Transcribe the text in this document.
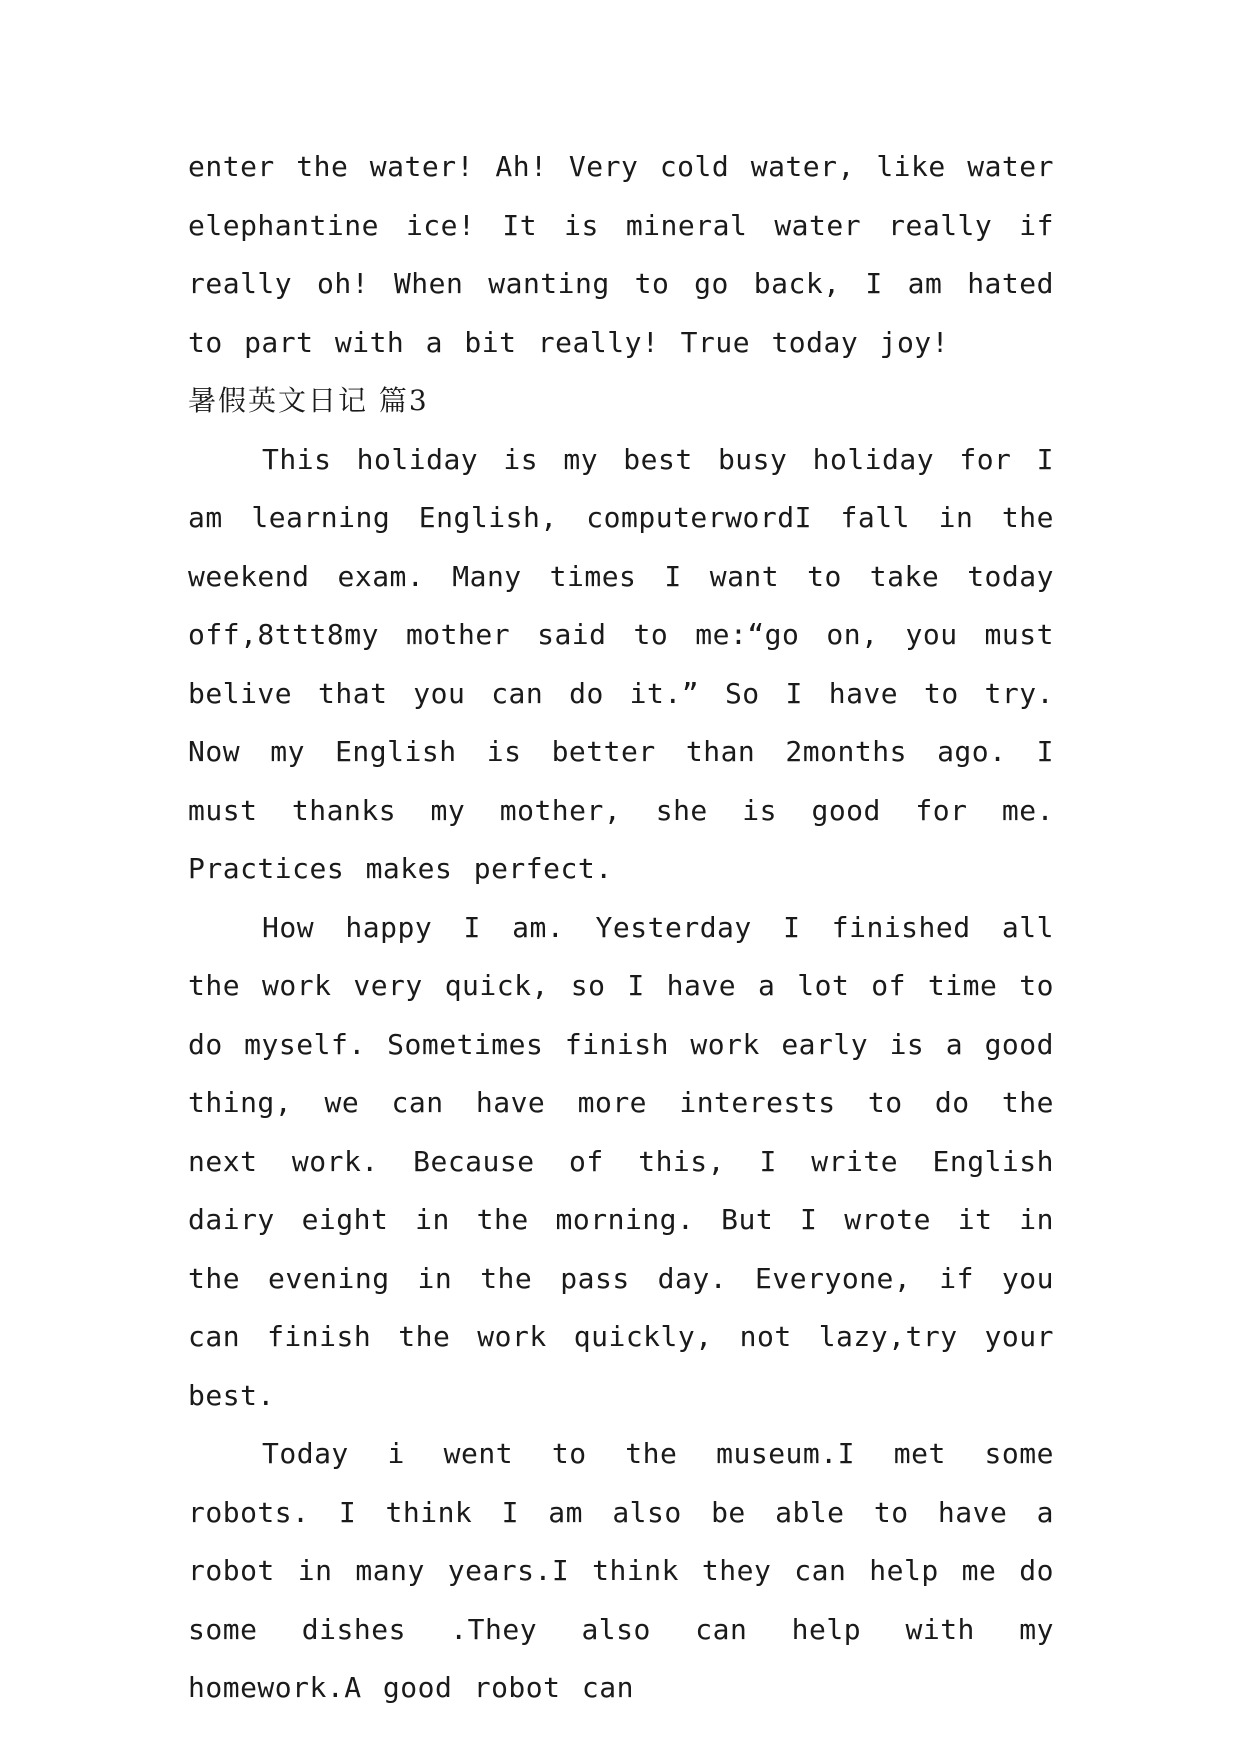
enter the water! Ah! Very cold water, like water elephantine ice! It is mineral water really if really oh! When wanting to go back, I am hated to part with a bit really! True today joy!

暑假英文日记 篇3

This holiday is my best busy holiday for I am learning English, computerwordI fall in the weekend exam. Many times I want to take today off,8ttt8my mother said to me:“go on, you must belive that you can do it.” So I have to try. Now my English is better than 2months ago. I must thanks my mother, she is good for me. Practices makes perfect.

How happy I am. Yesterday I finished all the work very quick, so I have a lot of time to do myself. Sometimes finish work early is a good thing, we can have more interests to do the next work. Because of this, I write English dairy eight in the morning. But I wrote it in the evening in the pass day. Everyone, if you can finish the work quickly, not lazy,try your best.

Today i went to the museum.I met some robots. I think I am also be able to have a robot in many years.I think they can help me do some dishes .They also can help with my homework.A good robot can
